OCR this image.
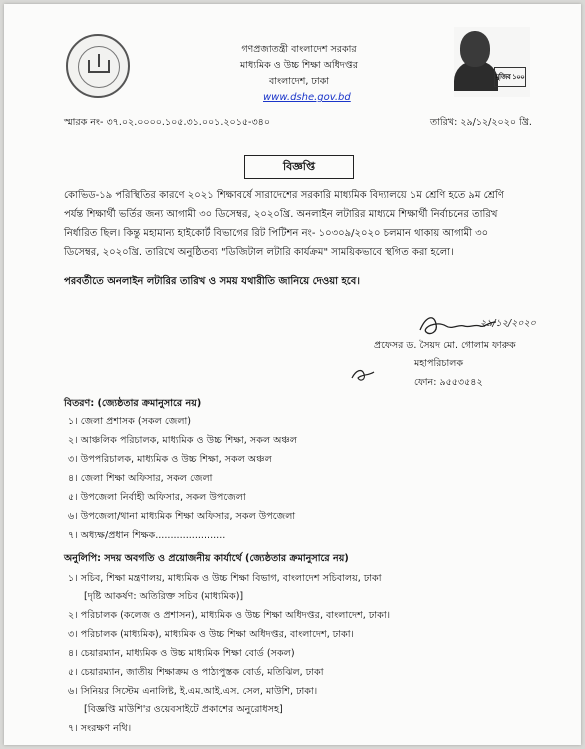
গণপ্রজাতন্ত্রী বাংলাদেশ সরকার
মাধ্যমিক ও উচ্চ শিক্ষা অধিদপ্তর
বাংলাদেশ, ঢাকা
www.dshe.gov.bd
মুজিব ১০০
স্মারক নং- ৩৭.০২.০০০০.১০৫.৩১.০০১.২০১৫-৩৪০	তারিখ: ২৯/১২/২০২০ খ্রি.
বিজ্ঞপ্তি
কোভিড-১৯ পরিস্থিতির কারণে ২০২১ শিক্ষাবর্ষে সারাদেশের সরকারি মাধ্যমিক বিদ্যালয়ে ১ম শ্রেণি হতে ৯ম শ্রেণি
পর্যন্ত শিক্ষার্থী ভর্তির জন্য আগামী ৩০ ডিসেম্বর, ২০২০খ্রি. অনলাইন লটারির মাধ্যমে শিক্ষার্থী নির্বাচনের তারিখ
নির্ধারিত ছিল। কিন্তু মহামান্য হাইকোর্ট বিভাগের রিট পিটিশন নং- ১০৩০৯/২০২০ চলমান থাকায় আগামী ৩০
ডিসেম্বর, ২০২০খ্রি. তারিখে অনুষ্ঠিতব্য "ডিজিটাল লটারি কার্যক্রম" সাময়িকভাবে স্থগিত করা হলো।
পরবর্তীতে অনলাইন লটারির তারিখ ও সময় যথারীতি জানিয়ে দেওয়া হবে।
২৯/১২/২০২০
প্রফেসর ড. সৈয়দ মো. গোলাম ফারুক
মহাপরিচালক
ফোন: ৯৫৫৩৫৪২
বিতরণ: (জ্যেষ্ঠতার ক্রমানুসারে নয়)
১। জেলা প্রশাসক (সকল জেলা)
২। আঞ্চলিক পরিচালক, মাধ্যমিক ও উচ্চ শিক্ষা, সকল অঞ্চল
৩। উপপরিচালক, মাধ্যমিক ও উচ্চ শিক্ষা, সকল অঞ্চল
৪। জেলা শিক্ষা অফিসার, সকল জেলা
৫। উপজেলা নির্বাহী অফিসার, সকল উপজেলা
৬। উপজেলা/থানা মাধ্যমিক শিক্ষা অফিসার, সকল উপজেলা
৭। অধ্যক্ষ/প্রধান শিক্ষক.......................
অনুলিপি: সদয় অবগতি ও প্রয়োজনীয় কার্যার্থে (জ্যেষ্ঠতার ক্রমানুসারে নয়)
১। সচিব, শিক্ষা মন্ত্রণালয়, মাধ্যমিক ও উচ্চ শিক্ষা বিভাগ, বাংলাদেশ সচিবালয়, ঢাকা
[দৃষ্টি আকর্ষণ: অতিরিক্ত সচিব (মাধ্যমিক)]
২। পরিচালক (কলেজ ও প্রশাসন), মাধ্যমিক ও উচ্চ শিক্ষা অধিদপ্তর, বাংলাদেশ, ঢাকা।
৩। পরিচালক (মাধ্যমিক), মাধ্যমিক ও উচ্চ শিক্ষা অধিদপ্তর, বাংলাদেশ, ঢাকা।
৪। চেয়ারম্যান, মাধ্যমিক ও উচ্চ মাধ্যমিক শিক্ষা বোর্ড (সকল)
৫। চেয়ারম্যান, জাতীয় শিক্ষাক্রম ও পাঠ্যপুস্তক বোর্ড, মতিঝিল, ঢাকা
৬। সিনিয়র সিস্টেম এনালিষ্ট, ই.এম.আই.এস. সেল, মাউশি, ঢাকা।
[বিজ্ঞপ্তি মাউশি'র ওয়েবসাইটে প্রকাশের অনুরোধসহ]
৭। সংরক্ষণ নথি।
